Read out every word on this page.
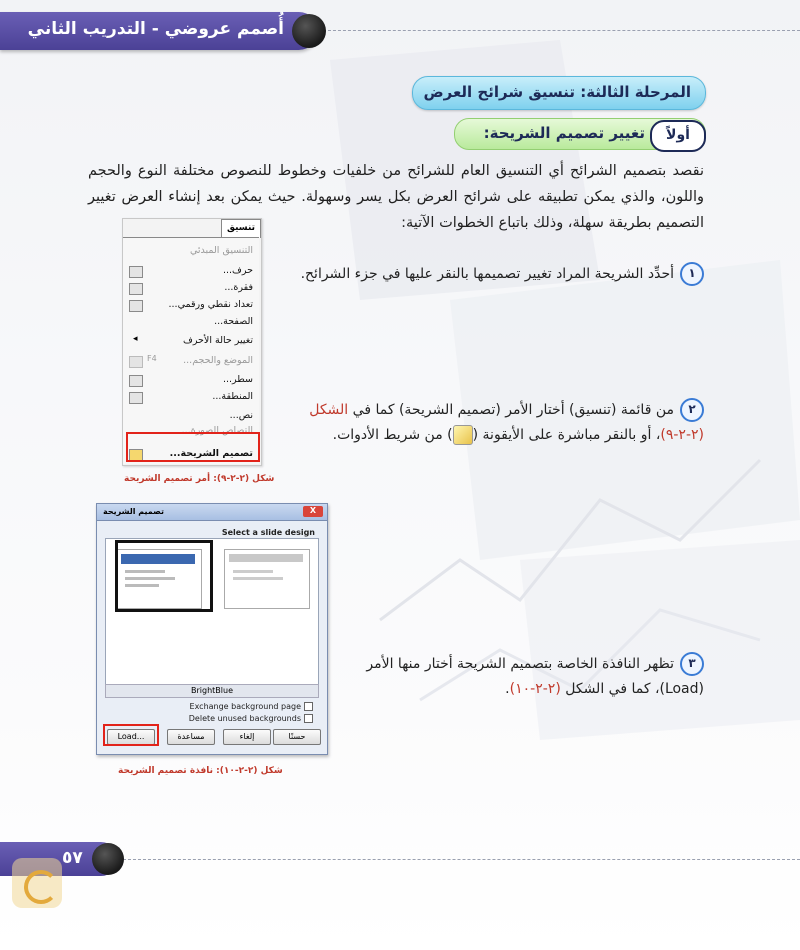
أُصمم عروضي - التدريب الثاني
المرحلة الثالثة: تنسيق شرائح العرض
تغيير تصميم الشريحة:	أولاً
نقصد بتصميم الشرائح أي التنسيق العام للشرائح من خلفيات وخطوط للنصوص مختلفة النوع والحجم واللون، والذي يمكن تطبيقه على شرائح العرض بكل يسر وسهولة. حيث يمكن بعد إنشاء العرض تغيير التصميم بطريقة سهلة، وذلك باتباع الخطوات الآتية:
١أحدِّد الشريحة المراد تغيير تصميمها بالنقر عليها في جزء الشرائح.
٢من قائمة (تنسيق) أختار الأمر (تصميم الشريحة) كما في الشكل
(٢-٢-٩)، أو بالنقر مباشرة على الأيقونة () من شريط الأدوات.
٣تظهر النافذة الخاصة بتصميم الشريحة أختار منها الأمر
(Load)، كما في الشكل (٢-٢-١٠).
تنسيق
التنسيق المبدئي
حرف...
فقرة...
تعداد نقطي ورقمي...
الصفحة...
تغيير حالة الأحرف
◂
الموضع والحجم...
F4
سطر...
المنطقة...
نص...
التصاص الصورة...
تصميم الشريحة...
شكل (٢-٢-٩): أمر تصميم الشريحة
تصميم الشريحة	X
Select a slide design
BrightBlue
Exchange background page
Delete unused backgrounds
Load...	مساعدة	إلغاء	حسنًا
شكل (٢-٢-١٠): نافذة تصميم الشريحة
٥٧
